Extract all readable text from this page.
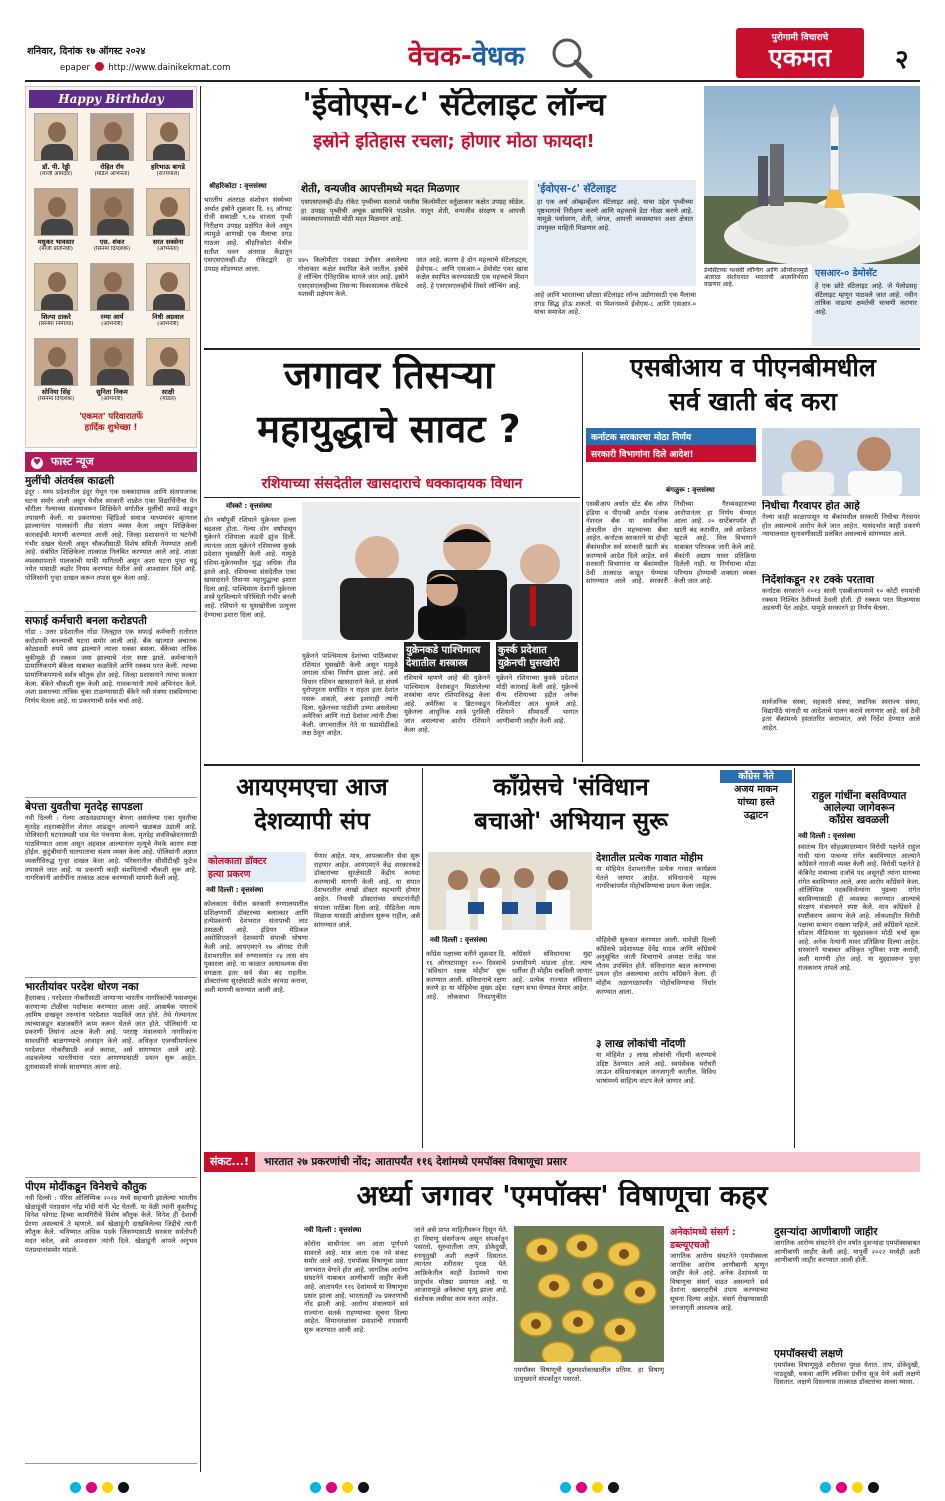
शनिवार, दिनांक १७ ऑगस्ट २०२४
epaper http://www.dainikekmat.com	वेचक-वेधक
पुरोगामी विचाराचे
एकमत	२
Happy Birthday
डॉ. पी. रेड्डी
(माजी आमदार)
रोहित रॉय
(मॉडेल अभिनेता)
हरिभाऊ बागडे
(राज्यपाल)
मधुकर भावसार
(माजी प्रतिनिधी)
एस. शंकर
(सिनेमा दिग्दर्शक)
सरत सक्सेना
(अभिनेता)
शिल्पा ठाकरे
(सिनेमा निर्मात्या)
रम्या आर्य
(अभिनेत्री)
निधी अग्रवाल
(अभिनेत्री)
सोनिया सिंह
(सिनेमा दिग्दर्शक)
सुनिता निकम
(अभिनेत्री)
साक्षी
(मॉडेल)
'एकमत' परिवारातर्फे
हार्दिक शुभेच्छा !
♥ फास्ट न्यूज
मुलींची अंतर्वस्त्र काढली
इंदूर : मध्य प्रदेशातील इंदूर येथून एक धक्कादायक आणि संतापजनक घटना समोर आली असून येथील सरकारी शाळेत एका विद्यार्थिनीचा पेन चोरीला गेल्याच्या संशयावरून शिक्षिकेने वर्गातील मुलींची कपडे काढून तपासणी केली. या प्रकरणाचा व्हिडिओ समाज माध्यमांवर व्हायरल झाल्यानंतर पालकांनी तीव्र संताप व्यक्त केला असून शिक्षिकेवर कारवाईची मागणी करण्यात आली आहे. जिल्हा प्रशासनाने या घटनेची गंभीर दखल घेतली असून चौकशीसाठी विशेष समिती नेमण्यात आली आहे. संबंधित शिक्षिकेला तात्काळ निलंबित करण्यात आले आहे. शाळा व्यवस्थापनाने पालकांची माफी मागितली असून अशा घटना पुन्हा घडू नयेत यासाठी कठोर नियम करण्यात येतील असे आश्वासन दिले आहे. पोलिसांनी गुन्हा दाखल करून तपास सुरू केला आहे.
सफाई कर्मचारी बनला करोडपती
गोंडा : उत्तर प्रदेशातील गोंडा जिल्ह्यात एक सफाई कर्मचारी रातोरात करोडपती बनल्याची घटना समोर आली आहे. बँक खात्यात अचानक कोट्यवधी रुपये जमा झाल्याने त्याला धक्का बसला. बँकेच्या तांत्रिक चुकीमुळे ही रक्कम जमा झाल्याचे नंतर स्पष्ट झाले. कर्मचाऱ्याने प्रामाणिकपणे बँकेला याबाबत कळविले आणि रक्कम परत केली. त्याच्या प्रामाणिकपणाचे सर्वत्र कौतुक होत आहे. जिल्हा प्रशासनाने त्याचा सत्कार केला. बँकेने चौकशी सुरू केली आहे. गावकऱ्यांनी त्याचे अभिनंदन केले. अशा प्रकारच्या तांत्रिक चुका टाळण्यासाठी बँकेने नवी यंत्रणा राबविण्याचा निर्णय घेतला आहे. या प्रकरणाची सर्वत्र चर्चा आहे.
बेपत्ता युवतीचा मृतदेह सापडला
नवी दिल्ली : गेल्या आठवड्यापासून बेपत्ता असलेल्या एका युवतीचा मृतदेह शहराबाहेरील शेतात आढळून आल्याने खळबळ उडाली आहे. पोलिसांनी घटनास्थळी धाव घेत पंचनामा केला. मृतदेह शवविच्छेदनासाठी पाठविण्यात आला असून अहवाल आल्यानंतर मृत्यूचे नेमके कारण स्पष्ट होईल. कुटुंबीयांनी घातपाताचा संशय व्यक्त केला आहे. पोलिसांनी अज्ञात व्यक्तीविरुद्ध गुन्हा दाखल केला आहे. परिसरातील सीसीटीव्ही फुटेज तपासले जात आहे. या प्रकरणी काही संशयितांची चौकशी सुरू आहे. नागरिकांनी आरोपींना तत्काळ अटक करण्याची मागणी केली आहे.
भारतीयांवर परदेश धोरण नका
हैदराबाद : परदेशात नोकरीसाठी जाणाऱ्या भारतीय नागरिकांची फसवणूक करणाऱ्या टोळीचा पर्दाफाश करण्यात आला आहे. आकर्षक पगाराचे आमिष दाखवून तरुणांना परदेशात पाठविले जात होते. तेथे गेल्यानंतर त्यांच्याकडून बळजबरीने काम करून घेतले जात होते. पोलिसांनी या प्रकरणी तिघांना अटक केली आहे. परराष्ट्र मंत्रालयाने नागरिकांना सावधगिरी बाळगण्याचे आवाहन केले आहे. अधिकृत एजन्सीमार्फतच परदेशात नोकरीसाठी अर्ज करावा, असे सांगण्यात आले आहे. अडकलेल्या भारतीयांना परत आणण्यासाठी प्रयत्न सुरू आहेत. दूतावासाशी संपर्क साधण्यात आला आहे.
पीएम मोदींकडून विनेशचे कौतुक
नवी दिल्ली : पॅरिस ऑलिम्पिक २०२४ मध्ये सहभागी झालेल्या भारतीय खेळाडूंची पंतप्रधान नरेंद्र मोदी यांनी भेट घेतली. या वेळी त्यांनी कुस्तीपटू विनेश फोगाट हिच्या कामगिरीचे विशेष कौतुक केले. विनेश ही देशाची प्रेरणा असल्याचे ते म्हणाले. सर्व खेळाडूंनी दाखविलेल्या जिद्दीचे त्यांनी कौतुक केले. भविष्यात अधिक पदके जिंकण्यासाठी सरकार सर्वतोपरी मदत करेल, असे आश्वासन त्यांनी दिले. खेळाडूंनी आपले अनुभव पंतप्रधानांसमोर मांडले.
'ईवोएस-८' सॅटेलाइट लॉन्च
इस्रोने इतिहास रचला; होणार मोठा फायदा!
श्रीहरिकोटा : वृत्तसंस्था
भारतीय अंतराळ संशोधन संस्थेच्या अर्थात इस्रोने शुक्रवार दि. १६ ऑगस्ट रोजी सकाळी ९.१७ वाजता पृथ्वी निरीक्षण उपग्रह प्रक्षेपित केले असून त्यामुळे आणखी एक मैलाचा दगड गाठला आहे. श्रीहरिकोटा येथील सतीश धवन अंतराळ केंद्रातून एसएसएलव्ही-डी३ रॉकेटद्वारे हा उपग्रह सोडण्यात आला.
शेती, वन्यजीव आपत्तीमध्ये मदत मिळणार
एसएसएलव्ही-डी३ रॉकेट पृथ्वीच्या सतराशे पस्तीस किलोमीटर वर्तुळाकार कक्षेत उपग्रह सोडेल. हा उपग्रह पृथ्वीची अचूक छायाचित्रे पाठवेल. यातून शेती, वन्यजीव संरक्षण व आपत्ती व्यवस्थापनासाठी मोठी मदत मिळणार आहे.
४७५ किलोमीटर एवढ्या उंचीवर असलेल्या गोलाकार कक्षेत स्थापित केले जातील. इस्रोचे हे लॉन्चिंग ऐतिहासिक मानले जात आहे. इस्रोने एसएसएलव्हीच्या तिसऱ्या विकासात्मक रॉकेटचे यशस्वी प्रक्षेपण केले.
जात आहे. कारण हे दोन महत्त्वाचे सॅटेलाइट्स, ईवोएस-८ आणि एसआर-० डेमोसॅट एका खास कक्षेत स्थापित करण्यासाठी एक महत्त्वाचे मिशन आहे. हे एसएसएलव्हीचे तिसरे लॉन्चिंग आहे.
'ईवोएस-८' सॅटेलाइट
हा एक अर्थ ऑब्झर्व्हेशन सॅटेलाइट आहे. याचा उद्देश पृथ्वीच्या पृष्ठभागाचे निरीक्षण करणे आणि महत्त्वाचे डेटा गोळा करणे आहे. यामुळे पर्यावरण, शेती, जंगल, आपत्ती व्यवस्थापन अशा क्षेत्रात उपयुक्त माहिती मिळणार आहे.
आहे आणि भारताच्या छोट्या सॅटेलाइट लॉन्च उद्योगासाठी एक मैलाचा दगड सिद्ध होऊ शकतो. या मिशनमध्ये ईवोएस-८ आणि एसआर-० यांचा समावेश आहे.
डेमोसॅटच्या यशस्वी लॉन्चिंग आणि ऑपरेशनमुळे अंतराळ संशोधनात भारताची आत्मनिर्भरता वाढणार आहे.
एसआर-० डेमोसॅट
हे एक छोटे सॅटेलाइट आहे. जे पेलोडसह सॅटेलाइट म्हणून पाठवले जात आहे. नवीन तांत्रिक वाढत्या क्षमतेची चाचणी करणार आहे.
जगावर तिसऱ्या
महायुद्धाचे सावट ?
रशियाच्या संसदेतील खासदाराचे धक्कादायक विधान
मॉस्को : वृत्तसंस्था
दोन वर्षांपूर्वी रशियाने युक्रेनवर हल्ला चढवला होता. गेल्या दोन वर्षांपासून युक्रेनने रशियाला कडवी झुंज दिली. त्यानंतर आता युक्रेनने रशियाच्या कुर्स्क प्रदेशात घुसखोरी केली आहे. यामुळे रशिया-युक्रेनमधील युद्ध अधिक तीव्र झाले आहे. रशियाच्या संसदेतील एका खासदाराने तिसऱ्या महायुद्धाचा इशारा दिला आहे. पाश्चिमात्य देशांनी युक्रेनला शस्त्रे पुरविल्याने परिस्थिती गंभीर बनली आहे. रशियाने या घुसखोरीला प्रत्युत्तर देण्याचा इशारा दिला आहे.
युक्रेनने पाश्चिमात्य देशांच्या पाठिंब्यावर रशियात घुसखोरी केली असून यामुळे जगाला धोका निर्माण झाला आहे. असे विधान रशियन खासदाराने केले. हा संघर्ष युरोपपुरता मर्यादित न राहता इतर देशांत पसरू शकतो, असा इशाराही त्यांनी दिला. युक्रेनच्या पाठीशी उभ्या असलेल्या अमेरिका आणि नाटो देशांवर त्यांनी टीका केली. जगभरातील नेते या घडामोडींकडे लक्ष ठेवून आहेत.
युक्रेनकडे पाश्चिमात्य देशातील शस्त्रास्त्र
रशियाचे म्हणणे आहे की युक्रेनने पाश्चिमात्य देशांकडून मिळालेल्या शस्त्रांचा वापर रशियाविरुद्ध केला आहे. अमेरिका व ब्रिटनकडून युक्रेनला आधुनिक शस्त्रे पुरविली जात असल्याचा आरोप रशियाने केला आहे.
कुर्स्क प्रदेशात युक्रेनची घुसखोरी
युक्रेनने रशियाच्या कुर्स्क प्रदेशात मोठी कारवाई केली आहे. युक्रेनचे सैन्य रशियाच्या हद्दीत अनेक किलोमीटर आत घुसले आहे. रशियाने सीमावर्ती भागात आणीबाणी जाहीर केली आहे.
एसबीआय व पीएनबीमधील
सर्व खाती बंद करा
कर्नाटक सरकारचा मोठा निर्णय
सरकारी विभागांना दिले आदेश!
बंगळुरू : वृत्तसंस्था
एसबीआय अर्थात स्टेट बँक ऑफ इंडिया व पीएनबी अर्थात पंजाब नॅशनल बँक या सार्वजनिक क्षेत्रातील दोन महत्त्वाच्या बँका आहेत. कर्नाटक सरकारने या दोन्ही बँकांमधील सर्व सरकारी खाती बंद करण्याचे आदेश दिले आहेत. सर्व सरकारी विभागांना या बँकांमधील ठेवी तात्काळ काढून घेण्यास सांगण्यात आले आहे. सरकारी निधीच्या गैरव्यवहाराच्या आरोपानंतर हा निर्णय घेण्यात आला आहे. २० सप्टेंबरपर्यंत ही खाती बंद करावीत, असे आदेशात म्हटले आहे. वित्त विभागाने याबाबत परिपत्रक जारी केले आहे. बँकांनी अद्याप यावर प्रतिक्रिया दिलेली नाही. या निर्णयाचा मोठा परिणाम होण्याची शक्यता व्यक्त केली जात आहे.
निधीचा गैरवापर होत आहे
गेल्या काही काळापासून या बँकांमधील सरकारी निधीचा गैरवापर होत असल्याचे आरोप केले जात आहेत. यासंदर्भात काही प्रकरणे न्यायालयात सुनावणीसाठी प्रलंबित असल्याचे सांगण्यात आले.
निर्देशांकडून २१ टक्के परतावा
कर्नाटक सरकारने २०१३ साली एसबीआयमध्ये १० कोटी रुपयांची रक्कम निश्चित ठेवीमध्ये ठेवली होती. ही रक्कम परत मिळण्यास अडचणी येत आहेत. यामुळे सरकारने हा निर्णय घेतला.
सार्वजनिक संस्था, सहकारी संस्था, स्थानिक स्वराज्य संस्था, विद्यापीठे यांनाही या आदेशाचे पालन करावे लागणार आहे. सर्व ठेवी इतर बँकांमध्ये हस्तांतरित कराव्यात, असे निर्देश देण्यात आले आहेत.
आयएमएचा आज
देशव्यापी संप
कोलकाता डॉक्टर
हत्या प्रकरण
नवी दिल्ली : वृत्तसंस्था
कोलकाता येथील सरकारी रुग्णालयातील प्रशिक्षणार्थी डॉक्टरच्या बलात्कार आणि हत्येप्रकरणी देशभरात संतापाची लाट उसळली आहे. इंडियन मेडिकल असोसिएशनने देशव्यापी संपाची घोषणा केली आहे. आयएमएने १७ ऑगस्ट रोजी देशभरातील सर्व रुग्णालयांत २४ तास संप पुकारला आहे. या काळात अत्यावश्यक सेवा वगळता इतर सर्व सेवा बंद राहतील. डॉक्टरांच्या सुरक्षेसाठी कठोर कायदा करावा, अशी मागणी करण्यात आली आहे.
येणार आहेत. मात्र, आपत्कालीन सेवा सुरू राहणार आहेत. आयएमएने केंद्र सरकारकडे डॉक्टरांच्या सुरक्षेसाठी केंद्रीय कायदा करण्याची मागणी केली आहे. या संपात देशभरातील लाखो डॉक्टर सहभागी होणार आहेत. निवासी डॉक्टरांच्या संघटनांनीही संपाला पाठिंबा दिला आहे. पीडितेला न्याय मिळावा यासाठी आंदोलन सुरूच राहील, असे सांगण्यात आले.
काँग्रेसचे 'संविधान
बचाओ' अभियान सुरू
काँग्रेस नेते
अजय माकन
यांच्या हस्ते
उद्घाटन
देशातील प्रत्येक गावात मोहीम
या मोहिमेत देशभरातील प्रत्येक गावात कार्यक्रम घेतले जाणार आहेत. संविधानाचे महत्त्व नागरिकांपर्यंत पोहोचविण्याचा प्रयत्न केला जाईल.
नवी दिल्ली : वृत्तसंस्था
काँग्रेस पक्षाच्या वतीने शुक्रवार दि. १६ ऑगस्टपासून १०० दिवसांचे 'संविधान रक्षक मोहीम' सुरू करण्यात आली. संविधानाचे रक्षण करणे हा या मोहिमेचा मुख्य उद्देश आहे. लोकसभा निवडणुकीत काँग्रेसने संविधानाचा मुद्दा प्रभावीपणे मांडला होता. त्याच धर्तीवर ही मोहीम राबविली जाणार आहे. प्रत्येक राज्यात संविधान रक्षण सभा घेण्यात येणार आहेत.
मोहिमेची सुरुवात करण्यात आली. यावेळी दिल्ली काँग्रेसचे प्रदेशाध्यक्ष देवेंद्र यादव आणि काँग्रेसचे अनुसूचित जाती विभागाचे अध्यक्ष राजेंद्र पाल गौतम उपस्थित होते. संविधानात बदल करण्याचा प्रयत्न होत असल्याचा आरोप काँग्रेसने केला. ही मोहीम तळागाळापर्यंत पोहोचविण्याचा निर्धार करण्यात आला.
३ लाख लोकांची नोंदणी
या मोहिमेत ३ लाख लोकांची नोंदणी करण्याचे उद्दिष्ट ठेवण्यात आले आहे. स्वयंसेवक घरोघरी जाऊन संविधानाबद्दल जनजागृती करतील. विविध भाषांमध्ये साहित्य वाटप केले जाणार आहे.
राहुल गांधींना बसविण्यात
आलेल्या जागेवरून
काँग्रेस खवळली
नवी दिल्ली : वृत्तसंस्था
स्वातंत्र्य दिन सोहळ्यादरम्यान विरोधी पक्षनेते राहुल गांधी यांना पाचव्या रांगेत बसविण्यात आल्याने काँग्रेसने नाराजी व्यक्त केली आहे. विरोधी पक्षनेते हे कॅबिनेट मंत्र्याच्या दर्जाचे पद असूनही त्यांना मागच्या रांगेत बसविण्यात आले, असा आरोप काँग्रेसने केला. ऑलिम्पिक पदकविजेत्यांना पुढच्या रांगेत बसविण्यासाठी ही व्यवस्था करण्यात आल्याचे संरक्षण मंत्रालयाने स्पष्ट केले. मात्र काँग्रेसने हे स्पष्टीकरण अमान्य केले आहे. लोकशाहीत विरोधी पक्षाचा सन्मान राखला पाहिजे, असे काँग्रेसने म्हटले. सोशल मीडियावर या मुद्द्यावरून मोठी चर्चा सुरू आहे. अनेक नेत्यांनी यावर प्रतिक्रिया दिल्या आहेत. सरकारने याबाबत अधिकृत भूमिका स्पष्ट करावी, अशी मागणी होत आहे. या मुद्द्यावरून पुन्हा राजकारण तापले आहे.
संकट...!	भारतात २७ प्रकरणांची नोंद; आतापर्यंत ११६ देशांमध्ये एमपॉक्स विषाणूचा प्रसार
अर्ध्या जगावर 'एमपॉक्स' विषाणूचा कहर
नवी दिल्ली : वृत्तसंस्था
कोरोना साथीनंतर जग आता पूर्णपणे सावरले आहे. मात्र आता एक नवे संकट समोर आले आहे. एमपॉक्स विषाणूचा प्रसार जगभरात वेगाने होत आहे. जागतिक आरोग्य संघटनेने याबाबत आणीबाणी जाहीर केली आहे. आतापर्यंत ११६ देशांमध्ये या विषाणूचा प्रसार झाला आहे. भारतातही २७ प्रकरणांची नोंद झाली आहे. आरोग्य मंत्रालयाने सर्व राज्यांना सतर्क राहण्याच्या सूचना दिल्या आहेत. विमानतळांवर प्रवाशांची तपासणी सुरू करण्यात आली आहे.
जाते असे प्राप्त माहितीवरून दिसून येते. हा विषाणू संसर्गजन्य असून संपर्कातून पसरतो. सुरुवातीला ताप, डोकेदुखी, स्नायूदुखी अशी लक्षणे दिसतात. त्यानंतर शरीरावर पुरळ येते. आफ्रिकेतील काही देशांमध्ये याचा प्रादुर्भाव मोठ्या प्रमाणात आहे. या आजारामुळे अनेकांचा मृत्यू झाला आहे. संशोधक लसीवर काम करत आहेत.
एमपॉक्स विषाणूची सूक्ष्मदर्शकाखालील प्रतिमा. हा विषाणू प्रामुख्याने संपर्कातून पसरतो.
अनेकांमध्ये संसर्ग : डब्ल्यूएचओ
जागतिक आरोग्य संघटनेने एमपॉक्सला जागतिक आरोग्य आणीबाणी म्हणून जाहीर केले आहे. अनेक देशांमध्ये या विषाणूचा संसर्ग वाढत असल्याने सर्व देशांना खबरदारीचे उपाय करण्याच्या सूचना दिल्या आहेत. संसर्ग रोखण्यासाठी जनजागृती आवश्यक आहे.
दुसऱ्यांदा आणीबाणी जाहीर
जागतिक आरोग्य संघटनेने दोन वर्षांत दुसऱ्यांदा एमपॉक्सबाबत आणीबाणी जाहीर केली आहे. यापूर्वी २०२२ मध्येही अशी आणीबाणी जाहीर करण्यात आली होती.
एमपॉक्सची लक्षणे
एमपॉक्स विषाणूमुळे शरीरावर पुरळ येतात. ताप, डोकेदुखी, पाठदुखी, थकवा आणि लसिका ग्रंथींना सूज येणे अशी लक्षणे दिसतात. लक्षणे दिसल्यास तात्काळ डॉक्टरांचा सल्ला घ्यावा.
